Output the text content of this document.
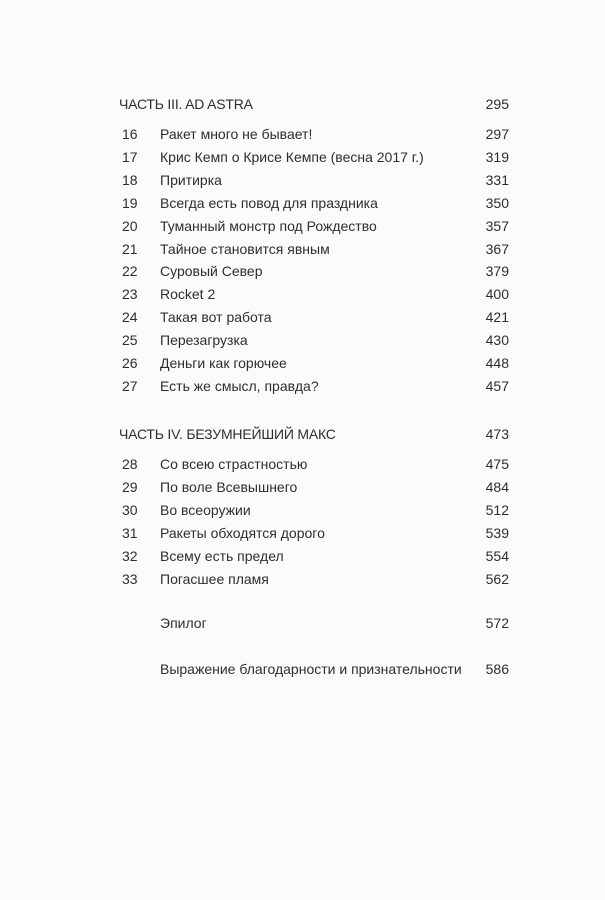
ЧАСТЬ III. AD ASTRA	295
16	Ракет много не бывает!	297
17	Крис Кемп о Крисе Кемпе (весна 2017 г.)	319
18	Притирка	331
19	Всегда есть повод для праздника	350
20	Туманный монстр под Рождество	357
21	Тайное становится явным	367
22	Суровый Север	379
23	Rocket 2	400
24	Такая вот работа	421
25	Перезагрузка	430
26	Деньги как горючее	448
27	Есть же смысл, правда?	457
ЧАСТЬ IV. БЕЗУМНЕЙШИЙ МАКС	473
28	Со всею страстностью	475
29	По воле Всевышнего	484
30	Во всеоружии	512
31	Ракеты обходятся дорого	539
32	Всему есть предел	554
33	Погасшее пламя	562
Эпилог	572
Выражение благодарности и признательности 586
